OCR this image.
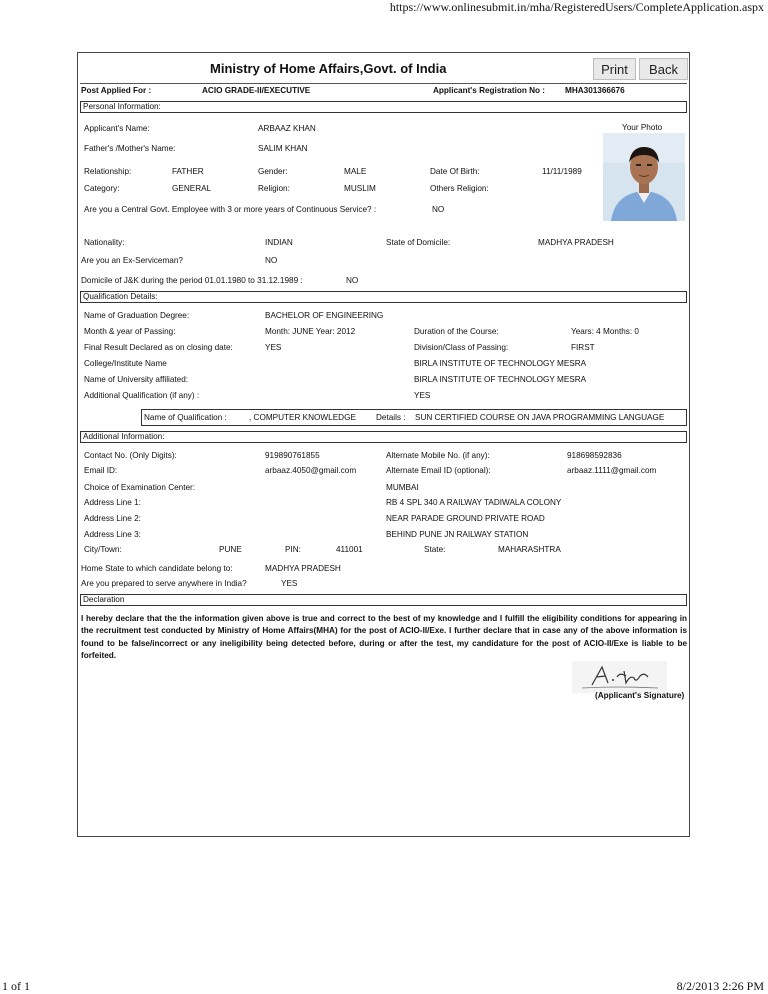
https://www.onlinesubmit.in/mha/RegisteredUsers/CompleteApplication.aspx
Ministry of Home Affairs,Govt. of India	Print	Back
Post Applied For :	ACIO GRADE-II/EXECUTIVE	Applicant's Registration No : MHA301366676
Personal Information:
Your Photo
Applicant's Name:	ARBAAZ KHAN
Father's /Mother's Name:	SALIM KHAN
Relationship:	FATHER	Gender:	MALE	Date Of Birth:	11/11/1989
Category:	GENERAL	Religion:	MUSLIM	Others Religion:
Are you a Central Govt. Employee with 3 or more years of Continuous Service? :	NO
Nationality:	INDIAN	State of Domicile:	MADHYA PRADESH
Are you an Ex-Serviceman?	NO
Domicile of J&K during the period 01.01.1980 to 31.12.1989 :	NO
Qualification Details:
Name of Graduation Degree:	BACHELOR OF ENGINEERING
Month & year of Passing:	Month: JUNE Year: 2012	Duration of the Course:	Years: 4 Months: 0
Final Result Declared as on closing date:	YES	Division/Class of Passing:	FIRST
College/Institute Name	BIRLA INSTITUTE OF TECHNOLOGY MESRA
Name of University affiliated:	BIRLA INSTITUTE OF TECHNOLOGY MESRA
Additional Qualification (if any) :	YES
Name of Qualification :	, COMPUTER KNOWLEDGE Details : SUN CERTIFIED COURSE ON JAVA PROGRAMMING LANGUAGE
Additional Information:
Contact No. (Only Digits):	919890761855	Alternate Mobile No. (if any):	918698592836
Email ID:	arbaaz.4050@gmail.com	Alternate Email ID (optional):	arbaaz.1111@gmail.com
Choice of Examination Center:	MUMBAI
Address Line 1:	RB 4 SPL 340 A RAILWAY TADIWALA COLONY
Address Line 2:	NEAR PARADE GROUND PRIVATE ROAD
Address Line 3:	BEHIND PUNE JN RAILWAY STATION
City/Town:	PUNE	PIN:	411001	State:	MAHARASHTRA
Home State to which candidate belong to:	MADHYA PRADESH
Are you prepared to serve anywhere in India?	YES
Declaration
I hereby declare that the the information given above is true and correct to the best of my knowledge and I fulfill the eligibility conditions for appearing in the recruitment test conducted by Ministry of Home Affairs(MHA) for the post of ACIO-II/Exe. I further declare that in case any of the above information is found to be false/incorrect or any ineligibility being detected before, during or after the test, my candidature for the post of ACIO-II/Exe is liable to be forfeited.
(Applicant's Signature)
1 of 1	8/2/2013 2:26 PM
